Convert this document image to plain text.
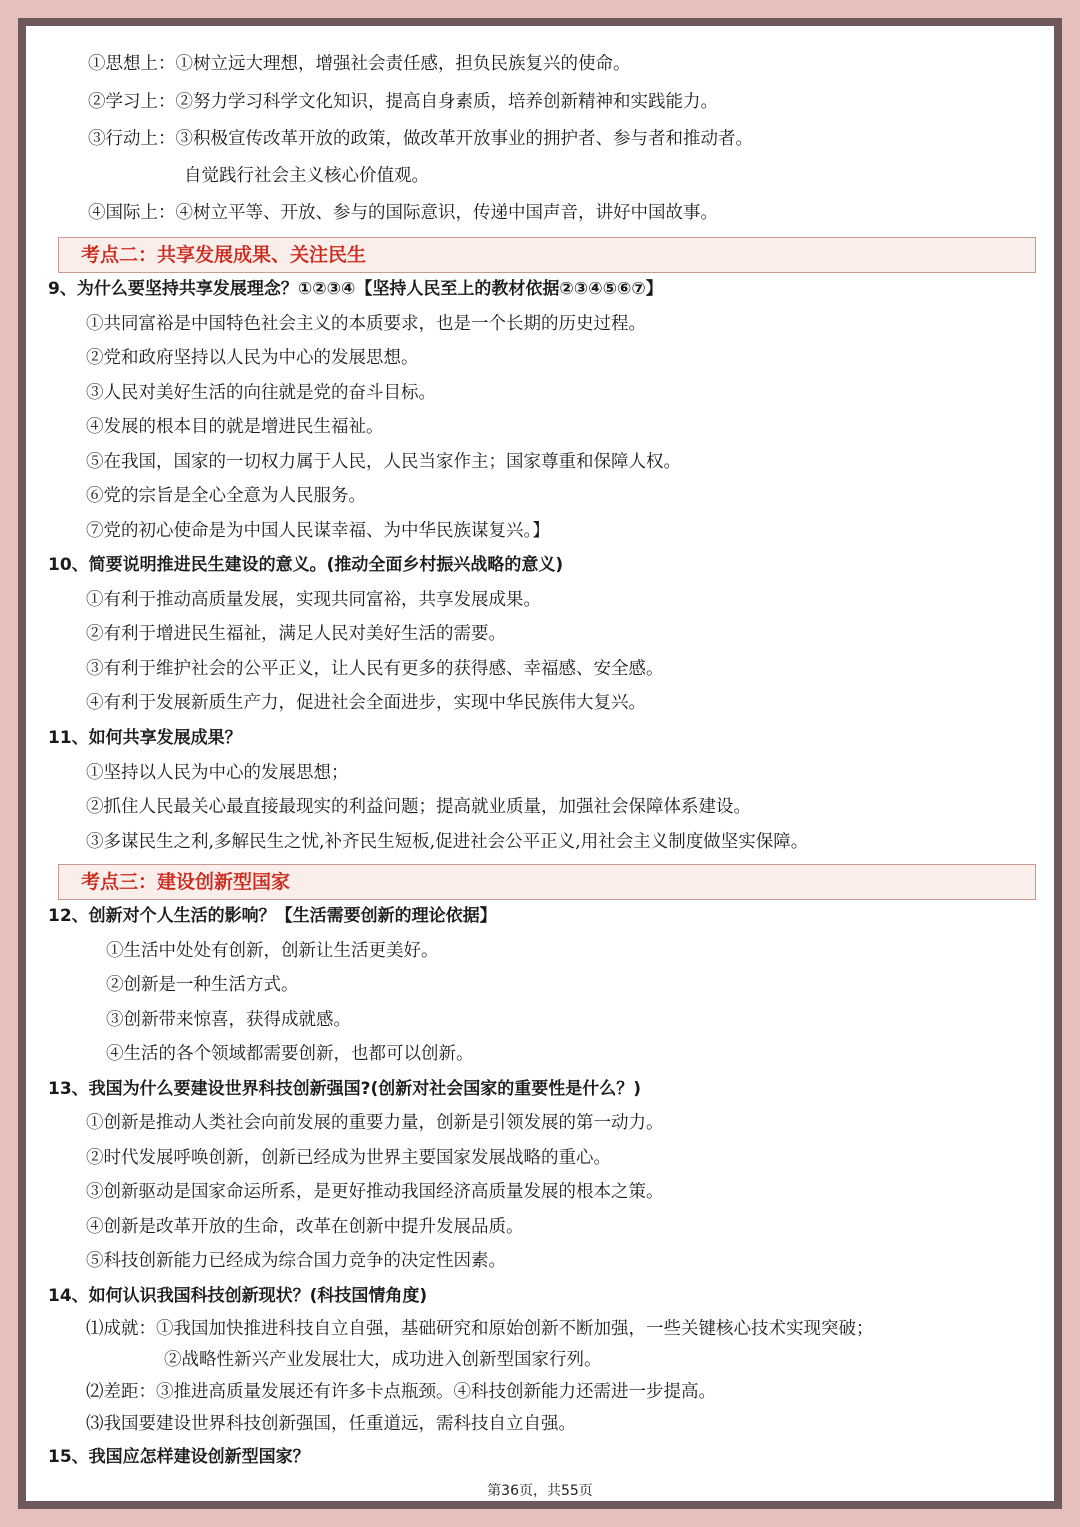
①思想上：①树立远大理想，增强社会责任感，担负民族复兴的使命。
②学习上：②努力学习科学文化知识，提高自身素质，培养创新精神和实践能力。
③行动上：③积极宣传改革开放的政策，做改革开放事业的拥护者、参与者和推动者。
自觉践行社会主义核心价值观。
④国际上：④树立平等、开放、参与的国际意识，传递中国声音，讲好中国故事。
考点二：共享发展成果、关注民生
9、为什么要坚持共享发展理念？①②③④【坚持人民至上的教材依据②③④⑤⑥⑦】
①共同富裕是中国特色社会主义的本质要求，也是一个长期的历史过程。
②党和政府坚持以人民为中心的发展思想。
③人民对美好生活的向往就是党的奋斗目标。
④发展的根本目的就是增进民生福祉。
⑤在我国，国家的一切权力属于人民，人民当家作主；国家尊重和保障人权。
⑥党的宗旨是全心全意为人民服务。
⑦党的初心使命是为中国人民谋幸福、为中华民族谋复兴。】
10、简要说明推进民生建设的意义。(推动全面乡村振兴战略的意义)
①有利于推动高质量发展，实现共同富裕，共享发展成果。
②有利于增进民生福祉，满足人民对美好生活的需要。
③有利于维护社会的公平正义，让人民有更多的获得感、幸福感、安全感。
④有利于发展新质生产力，促进社会全面进步，实现中华民族伟大复兴。
11、如何共享发展成果？
①坚持以人民为中心的发展思想；
②抓住人民最关心最直接最现实的利益问题；提高就业质量，加强社会保障体系建设。
③多谋民生之利,多解民生之忧,补齐民生短板,促进社会公平正义,用社会主义制度做坚实保障。
考点三：建设创新型国家
12、创新对个人生活的影响？【生活需要创新的理论依据】
①生活中处处有创新，创新让生活更美好。
②创新是一种生活方式。
③创新带来惊喜，获得成就感。
④生活的各个领域都需要创新，也都可以创新。
13、我国为什么要建设世界科技创新强国?(创新对社会国家的重要性是什么？)
①创新是推动人类社会向前发展的重要力量，创新是引领发展的第一动力。
②时代发展呼唤创新，创新已经成为世界主要国家发展战略的重心。
③创新驱动是国家命运所系，是更好推动我国经济高质量发展的根本之策。
④创新是改革开放的生命，改革在创新中提升发展品质。
⑤科技创新能力已经成为综合国力竞争的决定性因素。
14、如何认识我国科技创新现状？(科技国情角度)
⑴成就：①我国加快推进科技自立自强，基础研究和原始创新不断加强，一些关键核心技术实现突破；
②战略性新兴产业发展壮大，成功进入创新型国家行列。
⑵差距：③推进高质量发展还有许多卡点瓶颈。④科技创新能力还需进一步提高。
⑶我国要建设世界科技创新强国，任重道远，需科技自立自强。
15、我国应怎样建设创新型国家？
第36页，共55页
